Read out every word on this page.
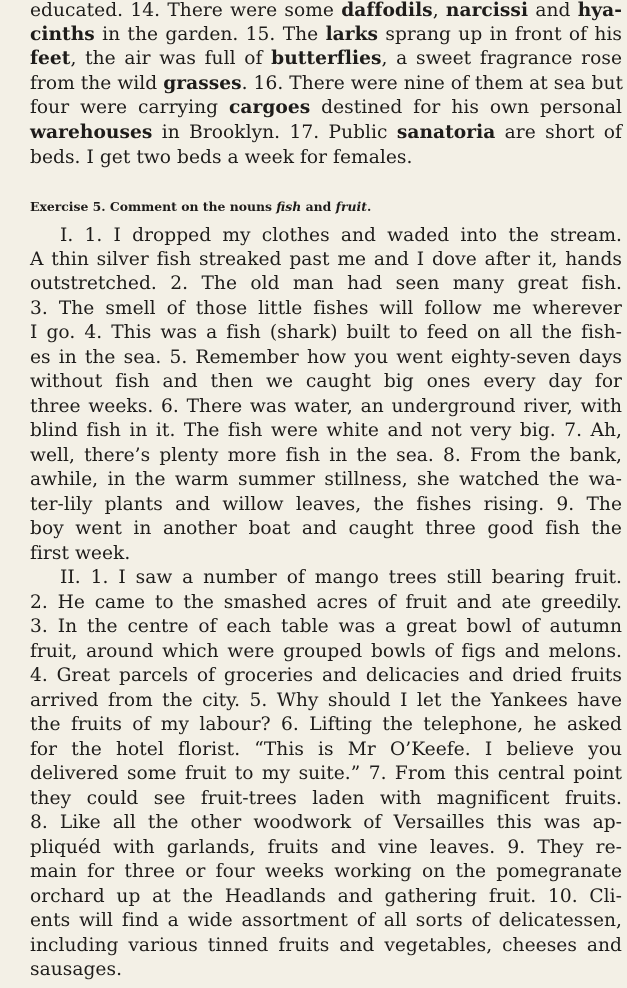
educated. 14. There were some daffodils, narcissi and hya-
cinths in the garden. 15. The larks sprang up in front of his
feet, the air was full of butterflies, a sweet fragrance rose
from the wild grasses. 16. There were nine of them at sea but
four were carrying cargoes destined for his own personal
warehouses in Brooklyn. 17. Public sanatoria are short of
beds. I get two beds a week for females.
Exercise 5. Comment on the nouns fish and fruit.
I. 1. I dropped my clothes and waded into the stream.
A thin silver fish streaked past me and I dove after it, hands
outstretched. 2. The old man had seen many great fish.
3. The smell of those little fishes will follow me wherever
I go. 4. This was a fish (shark) built to feed on all the fish-
es in the sea. 5. Remember how you went eighty-seven days
without fish and then we caught big ones every day for
three weeks. 6. There was water, an underground river, with
blind fish in it. The fish were white and not very big. 7. Ah,
well, there’s plenty more fish in the sea. 8. From the bank,
awhile, in the warm summer stillness, she watched the wa-
ter-lily plants and willow leaves, the fishes rising. 9. The
boy went in another boat and caught three good fish the
first week.
II. 1. I saw a number of mango trees still bearing fruit.
2. He came to the smashed acres of fruit and ate greedily.
3. In the centre of each table was a great bowl of autumn
fruit, around which were grouped bowls of figs and melons.
4. Great parcels of groceries and delicacies and dried fruits
arrived from the city. 5. Why should I let the Yankees have
the fruits of my labour? 6. Lifting the telephone, he asked
for the hotel florist. “This is Mr O’Keefe. I believe you
delivered some fruit to my suite.” 7. From this central point
they could see fruit-trees laden with magnificent fruits.
8. Like all the other woodwork of Versailles this was ap-
pliquéd with garlands, fruits and vine leaves. 9. They re-
main for three or four weeks working on the pomegranate
orchard up at the Headlands and gathering fruit. 10. Cli-
ents will find a wide assortment of all sorts of delicatessen,
including various tinned fruits and vegetables, cheeses and
sausages.
